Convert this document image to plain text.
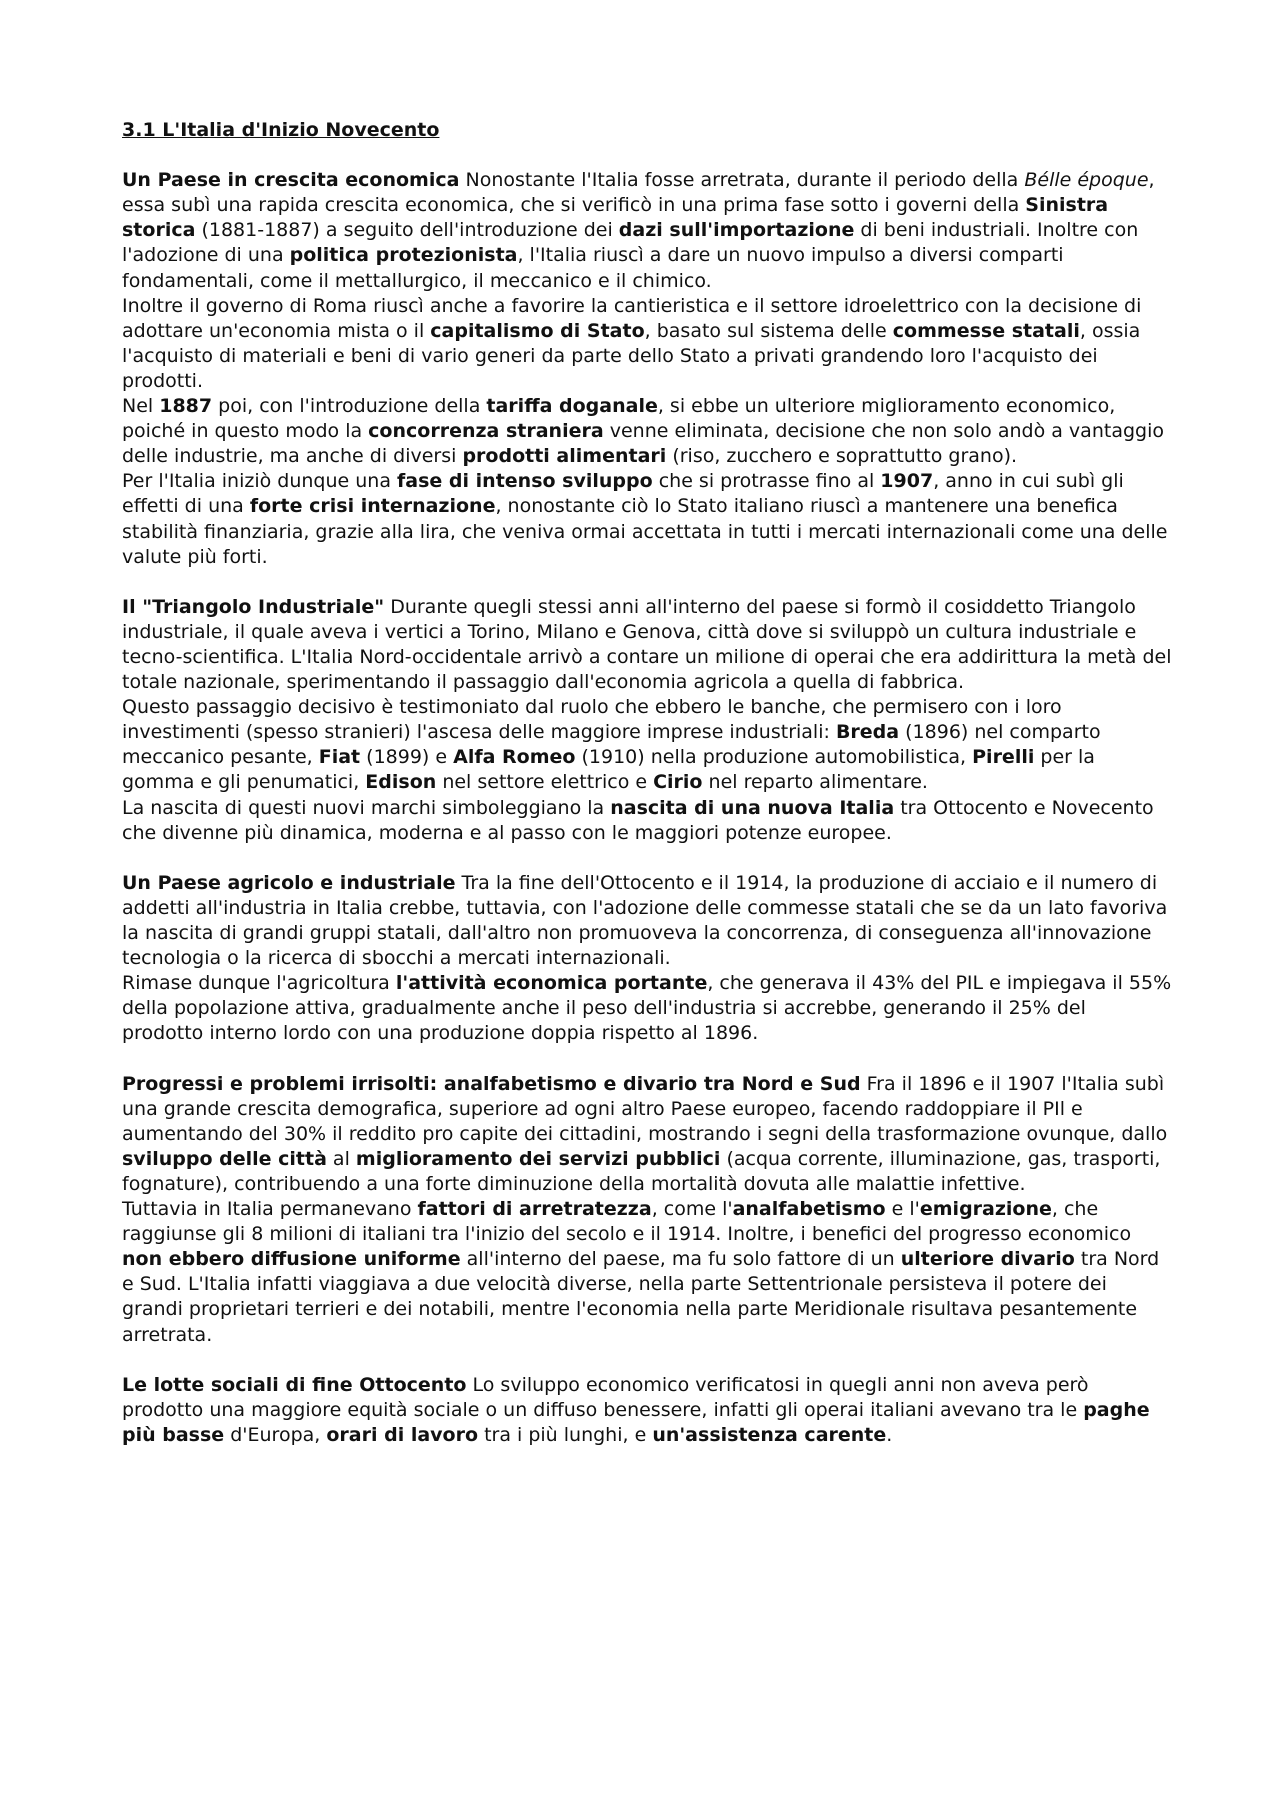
3.1 L'Italia d'Inizio Novecento

Un Paese in crescita economica Nonostante l'Italia fosse arretrata, durante il periodo della Bélle époque, essa subì una rapida crescita economica, che si verificò in una prima fase sotto i governi della Sinistra storica (1881-1887) a seguito dell'introduzione dei dazi sull'importazione di beni industriali. Inoltre con l'adozione di una politica protezionista, l'Italia riuscì a dare un nuovo impulso a diversi comparti fondamentali, come il mettallurgico, il meccanico e il chimico.

Inoltre il governo di Roma riuscì anche a favorire la cantieristica e il settore idroelettrico con la decisione di adottare un'economia mista o il capitalismo di Stato, basato sul sistema delle commesse statali, ossia l'acquisto di materiali e beni di vario generi da parte dello Stato a privati grandendo loro l'acquisto dei prodotti.

Nel 1887 poi, con l'introduzione della tariffa doganale, si ebbe un ulteriore miglioramento economico, poiché in questo modo la concorrenza straniera venne eliminata, decisione che non solo andò a vantaggio delle industrie, ma anche di diversi prodotti alimentari (riso, zucchero e soprattutto grano).

Per l'Italia iniziò dunque una fase di intenso sviluppo che si protrasse fino al 1907, anno in cui subì gli effetti di una forte crisi internazione, nonostante ciò lo Stato italiano riuscì a mantenere una benefica stabilità finanziaria, grazie alla lira, che veniva ormai accettata in tutti i mercati internazionali come una delle valute più forti.

Il "Triangolo Industriale" Durante quegli stessi anni all'interno del paese si formò il cosiddetto Triangolo industriale, il quale aveva i vertici a Torino, Milano e Genova, città dove si sviluppò un cultura industriale e tecno-scientifica. L'Italia Nord-occidentale arrivò a contare un milione di operai che era addirittura la metà del totale nazionale, sperimentando il passaggio dall'economia agricola a quella di fabbrica.

Questo passaggio decisivo è testimoniato dal ruolo che ebbero le banche, che permisero con i loro investimenti (spesso stranieri) l'ascesa delle maggiore imprese industriali: Breda (1896) nel comparto meccanico pesante, Fiat (1899) e Alfa Romeo (1910) nella produzione automobilistica, Pirelli per la gomma e gli penumatici, Edison nel settore elettrico e Cirio nel reparto alimentare.

La nascita di questi nuovi marchi simboleggiano la nascita di una nuova Italia tra Ottocento e Novecento che divenne più dinamica, moderna e al passo con le maggiori potenze europee.

Un Paese agricolo e industriale Tra la fine dell'Ottocento e il 1914, la produzione di acciaio e il numero di addetti all'industria in Italia crebbe, tuttavia, con l'adozione delle commesse statali che se da un lato favoriva la nascita di grandi gruppi statali, dall'altro non promuoveva la concorrenza, di conseguenza all'innovazione tecnologia o la ricerca di sbocchi a mercati internazionali.

Rimase dunque l'agricoltura l'attività economica portante, che generava il 43% del PIL e impiegava il 55% della popolazione attiva, gradualmente anche il peso dell'industria si accrebbe, generando il 25% del prodotto interno lordo con una produzione doppia rispetto al 1896.

Progressi e problemi irrisolti: analfabetismo e divario tra Nord e Sud Fra il 1896 e il 1907 l'Italia subì una grande crescita demografica, superiore ad ogni altro Paese europeo, facendo raddoppiare il PIl e aumentando del 30% il reddito pro capite dei cittadini, mostrando i segni della trasformazione ovunque, dallo sviluppo delle città al miglioramento dei servizi pubblici (acqua corrente, illuminazione, gas, trasporti, fognature), contribuendo a una forte diminuzione della mortalità dovuta alle malattie infettive.

Tuttavia in Italia permanevano fattori di arretratezza, come l'analfabetismo e l'emigrazione, che raggiunse gli 8 milioni di italiani tra l'inizio del secolo e il 1914. Inoltre, i benefici del progresso economico non ebbero diffusione uniforme all'interno del paese, ma fu solo fattore di un ulteriore divario tra Nord e Sud. L'Italia infatti viaggiava a due velocità diverse, nella parte Settentrionale persisteva il potere dei grandi proprietari terrieri e dei notabili, mentre l'economia nella parte Meridionale risultava pesantemente arretrata.

Le lotte sociali di fine Ottocento Lo sviluppo economico verificatosi in quegli anni non aveva però prodotto una maggiore equità sociale o un diffuso benessere, infatti gli operai italiani avevano tra le paghe più basse d'Europa, orari di lavoro tra i più lunghi, e un'assistenza carente.
